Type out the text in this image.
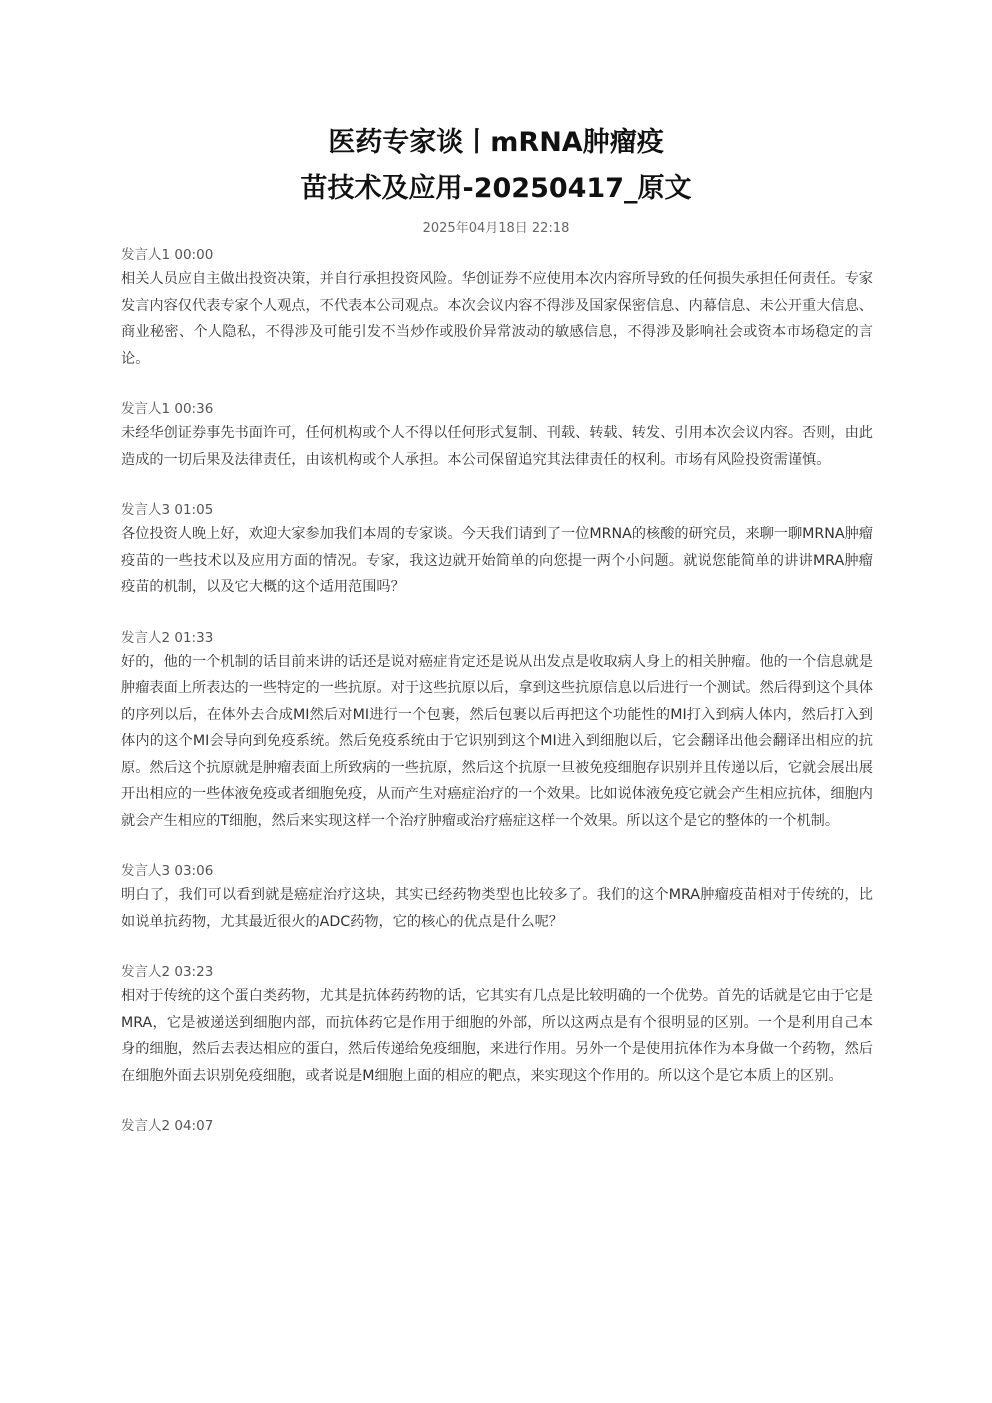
医药专家谈丨mRNA肿瘤疫
苗技术及应用-20250417_原文
2025年04月18日 22:18
发言人1 00:00
相关人员应自主做出投资决策，并自行承担投资风险。华创证券不应使用本次内容所导致的任何损失承担任何责任。专家发言内容仅代表专家个人观点，不代表本公司观点。本次会议内容不得涉及国家保密信息、内幕信息、未公开重大信息、商业秘密、个人隐私，不得涉及可能引发不当炒作或股价异常波动的敏感信息，不得涉及影响社会或资本市场稳定的言论。
发言人1 00:36
未经华创证券事先书面许可，任何机构或个人不得以任何形式复制、刊载、转载、转发、引用本次会议内容。否则，由此造成的一切后果及法律责任，由该机构或个人承担。本公司保留追究其法律责任的权利。市场有风险投资需谨慎。
发言人3 01:05
各位投资人晚上好，欢迎大家参加我们本周的专家谈。今天我们请到了一位MRNA的核酸的研究员，来聊一聊MRNA肿瘤疫苗的一些技术以及应用方面的情况。专家，我这边就开始简单的向您提一两个小问题。就说您能简单的讲讲MRA肿瘤疫苗的机制，以及它大概的这个适用范围吗？
发言人2 01:33
好的，他的一个机制的话目前来讲的话还是说对癌症肯定还是说从出发点是收取病人身上的相关肿瘤。他的一个信息就是肿瘤表面上所表达的一些特定的一些抗原。对于这些抗原以后，拿到这些抗原信息以后进行一个测试。然后得到这个具体的序列以后，在体外去合成MI然后对MI进行一个包裹，然后包裹以后再把这个功能性的MI打入到病人体内，然后打入到体内的这个MI会导向到免疫系统。然后免疫系统由于它识别到这个MI进入到细胞以后，它会翻译出他会翻译出相应的抗原。然后这个抗原就是肿瘤表面上所致病的一些抗原，然后这个抗原一旦被免疫细胞存识别并且传递以后，它就会展出展开出相应的一些体液免疫或者细胞免疫，从而产生对癌症治疗的一个效果。比如说体液免疫它就会产生相应抗体，细胞内就会产生相应的T细胞，然后来实现这样一个治疗肿瘤或治疗癌症这样一个效果。所以这个是它的整体的一个机制。
发言人3 03:06
明白了，我们可以看到就是癌症治疗这块，其实已经药物类型也比较多了。我们的这个MRA肿瘤疫苗相对于传统的，比如说单抗药物，尤其最近很火的ADC药物，它的核心的优点是什么呢？
发言人2 03:23
相对于传统的这个蛋白类药物，尤其是抗体药药物的话，它其实有几点是比较明确的一个优势。首先的话就是它由于它是MRA，它是被递送到细胞内部，而抗体药它是作用于细胞的外部，所以这两点是有个很明显的区别。一个是利用自己本身的细胞，然后去表达相应的蛋白，然后传递给免疫细胞，来进行作用。另外一个是使用抗体作为本身做一个药物，然后在细胞外面去识别免疫细胞，或者说是M细胞上面的相应的靶点，来实现这个作用的。所以这个是它本质上的区别。
发言人2 04:07
